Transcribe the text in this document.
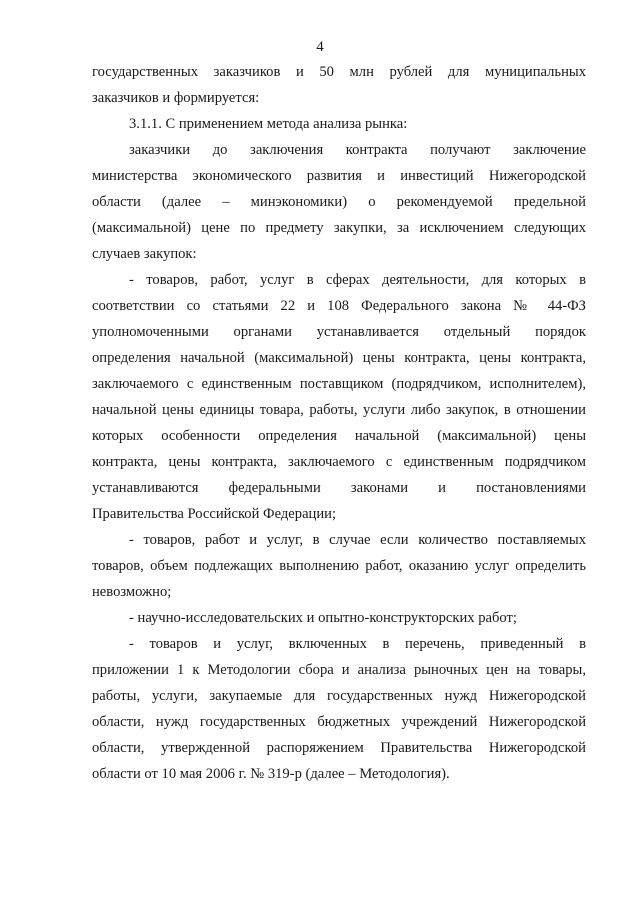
4

государственных заказчиков и 50 млн рублей для муниципальных

заказчиков и формируется:

3.1.1. С применением метода анализа рынка:

заказчики до заключения контракта получают заключение

министерства экономического развития и инвестиций Нижегородской

области (далее – минэкономики) о рекомендуемой предельной

(максимальной) цене по предмету закупки, за исключением следующих

случаев закупок:

- товаров, работ, услуг в сферах деятельности, для которых в

соответствии со статьями 22 и 108 Федерального закона № 44-ФЗ

уполномоченными органами устанавливается отдельный порядок

определения начальной (максимальной) цены контракта, цены контракта,

заключаемого с единственным поставщиком (подрядчиком, исполнителем),

начальной цены единицы товара, работы, услуги либо закупок, в отношении

которых особенности определения начальной (максимальной) цены

контракта, цены контракта, заключаемого с единственным подрядчиком

устанавливаются федеральными законами и постановлениями

Правительства Российской Федерации;

- товаров, работ и услуг, в случае если количество поставляемых

товаров, объем подлежащих выполнению работ, оказанию услуг определить

невозможно;

- научно-исследовательских и опытно-конструкторских работ;

- товаров и услуг, включенных в перечень, приведенный в

приложении 1 к Методологии сбора и анализа рыночных цен на товары,

работы, услуги, закупаемые для государственных нужд Нижегородской

области, нужд государственных бюджетных учреждений Нижегородской

области, утвержденной распоряжением Правительства Нижегородской

области от 10 мая 2006 г. № 319-р (далее – Методология).
